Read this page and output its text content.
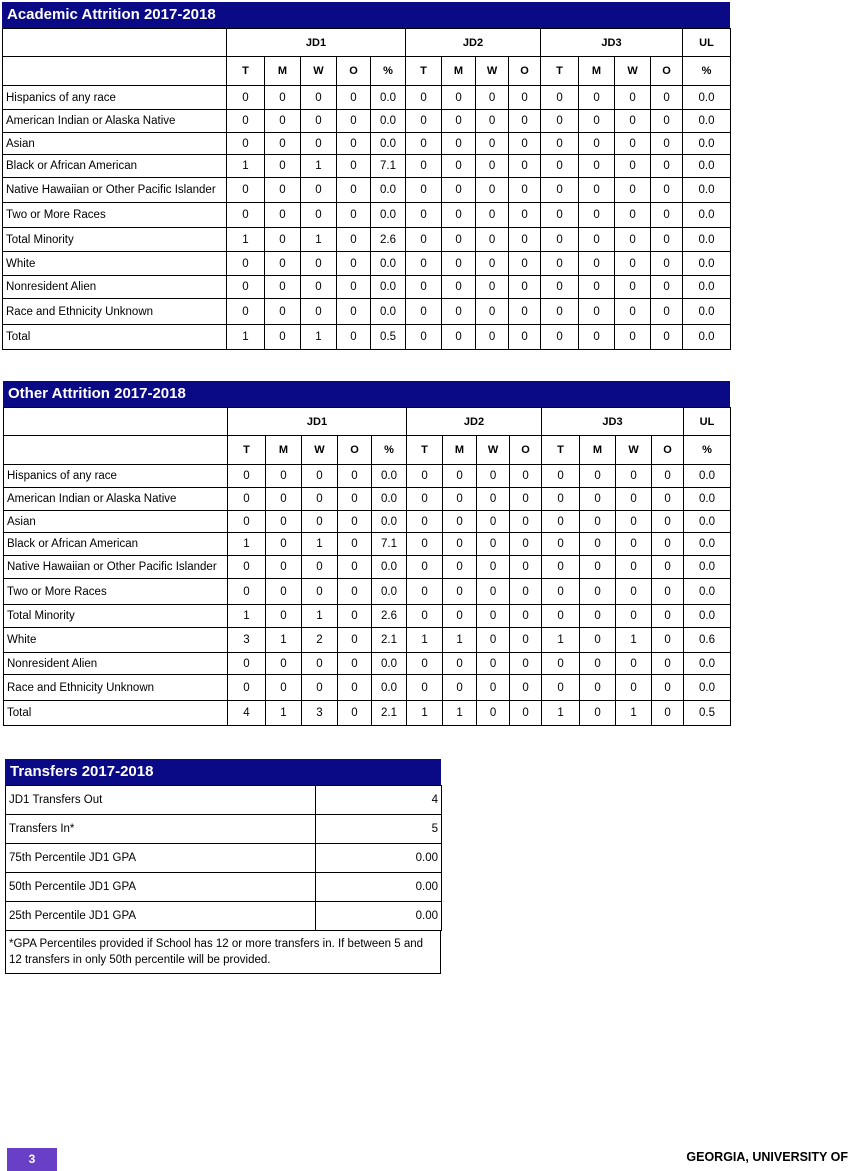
Academic Attrition 2017-2018
	JD1					JD2				JD3				UL
	T	M	W	O	%	T	M	W	O	T	M	W	O	%
Hispanics of any race	0	0	0	0	0.0	0	0	0	0	0	0	0	0	0.0
American Indian or Alaska Native	0	0	0	0	0.0	0	0	0	0	0	0	0	0	0.0
Asian	0	0	0	0	0.0	0	0	0	0	0	0	0	0	0.0
Black or African American	1	0	1	0	7.1	0	0	0	0	0	0	0	0	0.0
Native Hawaiian or Other Pacific Islander	0	0	0	0	0.0	0	0	0	0	0	0	0	0	0.0
Two or More Races	0	0	0	0	0.0	0	0	0	0	0	0	0	0	0.0
Total Minority	1	0	1	0	2.6	0	0	0	0	0	0	0	0	0.0
White	0	0	0	0	0.0	0	0	0	0	0	0	0	0	0.0
Nonresident Alien	0	0	0	0	0.0	0	0	0	0	0	0	0	0	0.0
Race and Ethnicity Unknown	0	0	0	0	0.0	0	0	0	0	0	0	0	0	0.0
Total	1	0	1	0	0.5	0	0	0	0	0	0	0	0	0.0
Other Attrition 2017-2018
	JD1					JD2				JD3				UL
	T	M	W	O	%	T	M	W	O	T	M	W	O	%
Hispanics of any race	0	0	0	0	0.0	0	0	0	0	0	0	0	0	0.0
American Indian or Alaska Native	0	0	0	0	0.0	0	0	0	0	0	0	0	0	0.0
Asian	0	0	0	0	0.0	0	0	0	0	0	0	0	0	0.0
Black or African American	1	0	1	0	7.1	0	0	0	0	0	0	0	0	0.0
Native Hawaiian or Other Pacific Islander	0	0	0	0	0.0	0	0	0	0	0	0	0	0	0.0
Two or More Races	0	0	0	0	0.0	0	0	0	0	0	0	0	0	0.0
Total Minority	1	0	1	0	2.6	0	0	0	0	0	0	0	0	0.0
White	3	1	2	0	2.1	1	1	0	0	1	0	1	0	0.6
Nonresident Alien	0	0	0	0	0.0	0	0	0	0	0	0	0	0	0.0
Race and Ethnicity Unknown	0	0	0	0	0.0	0	0	0	0	0	0	0	0	0.0
Total	4	1	3	0	2.1	1	1	0	0	1	0	1	0	0.5
Transfers 2017-2018
JD1 Transfers Out	4
Transfers In*	5
75th Percentile JD1 GPA	0.00
50th Percentile JD1 GPA	0.00
25th Percentile JD1 GPA	0.00
*GPA Percentiles provided if School has 12 or more transfers in. If between 5 and 12 transfers in only 50th percentile will be provided.
3	GEORGIA, UNIVERSITY OF
